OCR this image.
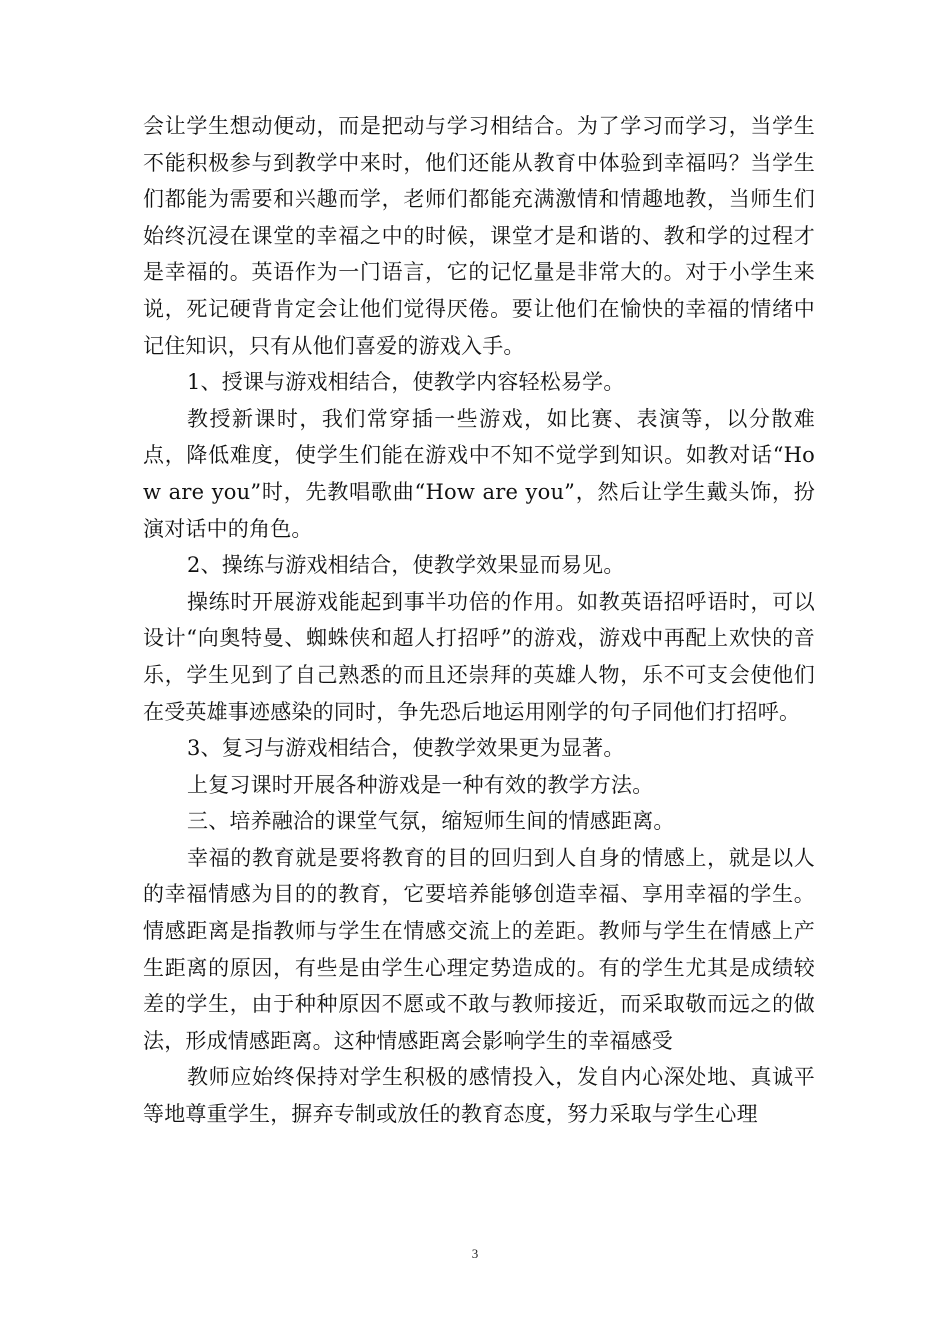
会让学生想动便动，而是把动与学习相结合。为了学习而学习，当学生不能积极参与到教学中来时，他们还能从教育中体验到幸福吗？当学生们都能为需要和兴趣而学，老师们都能充满激情和情趣地教，当师生们始终沉浸在课堂的幸福之中的时候，课堂才是和谐的、教和学的过程才是幸福的。英语作为一门语言，它的记忆量是非常大的。对于小学生来说，死记硬背肯定会让他们觉得厌倦。要让他们在愉快的幸福的情绪中记住知识，只有从他们喜爱的游戏入手。

1、授课与游戏相结合，使教学内容轻松易学。

教授新课时，我们常穿插一些游戏，如比赛、表演等，以分散难点，降低难度，使学生们能在游戏中不知不觉学到知识。如教对话“How are you”时，先教唱歌曲“How are you”，然后让学生戴头饰，扮演对话中的角色。

2、操练与游戏相结合，使教学效果显而易见。

操练时开展游戏能起到事半功倍的作用。如教英语招呼语时，可以设计“向奥特曼、蜘蛛侠和超人打招呼”的游戏，游戏中再配上欢快的音乐，学生见到了自己熟悉的而且还崇拜的英雄人物，乐不可支会使他们在受英雄事迹感染的同时，争先恐后地运用刚学的句子同他们打招呼。

3、复习与游戏相结合，使教学效果更为显著。

上复习课时开展各种游戏是一种有效的教学方法。

三、培养融洽的课堂气氛，缩短师生间的情感距离。

幸福的教育就是要将教育的目的回归到人自身的情感上，就是以人的幸福情感为目的的教育，它要培养能够创造幸福、享用幸福的学生。情感距离是指教师与学生在情感交流上的差距。教师与学生在情感上产生距离的原因，有些是由学生心理定势造成的。有的学生尤其是成绩较差的学生，由于种种原因不愿或不敢与教师接近，而采取敬而远之的做法，形成情感距离。这种情感距离会影响学生的幸福感受

教师应始终保持对学生积极的感情投入，发自内心深处地、真诚平等地尊重学生，摒弃专制或放任的教育态度，努力采取与学生心理

3
